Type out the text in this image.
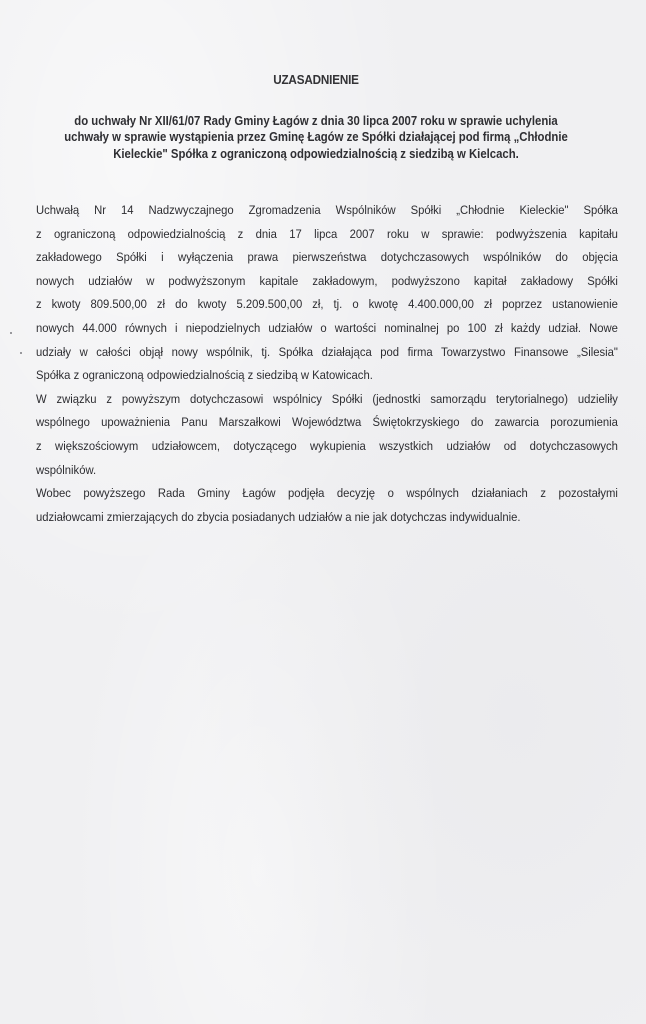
UZASADNIENIE
do uchwały Nr XII/61/07 Rady Gminy Łagów z dnia 30 lipca 2007 roku w sprawie uchylenia
uchwały w sprawie wystąpienia przez Gminę Łagów ze Spółki działającej pod firmą „Chłodnie
Kieleckie" Spółka z ograniczoną odpowiedzialnością z siedzibą w Kielcach.
Uchwałą Nr 14 Nadzwyczajnego Zgromadzenia Wspólników Spółki „Chłodnie Kieleckie" Spółka
z ograniczoną odpowiedzialnością z dnia 17 lipca 2007 roku w sprawie: podwyższenia kapitału
zakładowego Spółki i wyłączenia prawa pierwszeństwa dotychczasowych wspólników do objęcia
nowych udziałów w podwyższonym kapitale zakładowym, podwyższono kapitał zakładowy Spółki
z kwoty 809.500,00 zł do kwoty 5.209.500,00 zł, tj. o kwotę 4.400.000,00 zł poprzez ustanowienie
nowych 44.000 równych i niepodzielnych udziałów o wartości nominalnej po 100 zł każdy udział. Nowe
udziały w całości objął nowy wspólnik, tj. Spółka działająca pod firma Towarzystwo Finansowe „Silesia"
Spółka z ograniczoną odpowiedzialnością z siedzibą w Katowicach.
W związku z powyższym dotychczasowi wspólnicy Spółki (jednostki samorządu terytorialnego) udzieliły
wspólnego upoważnienia Panu Marszałkowi Województwa Świętokrzyskiego do zawarcia porozumienia
z większościowym udziałowcem, dotyczącego wykupienia wszystkich udziałów od dotychczasowych
wspólników.
Wobec powyższego Rada Gminy Łagów podjęła decyzję o wspólnych działaniach z pozostałymi
udziałowcami zmierzających do zbycia posiadanych udziałów a nie jak dotychczas indywidualnie.
